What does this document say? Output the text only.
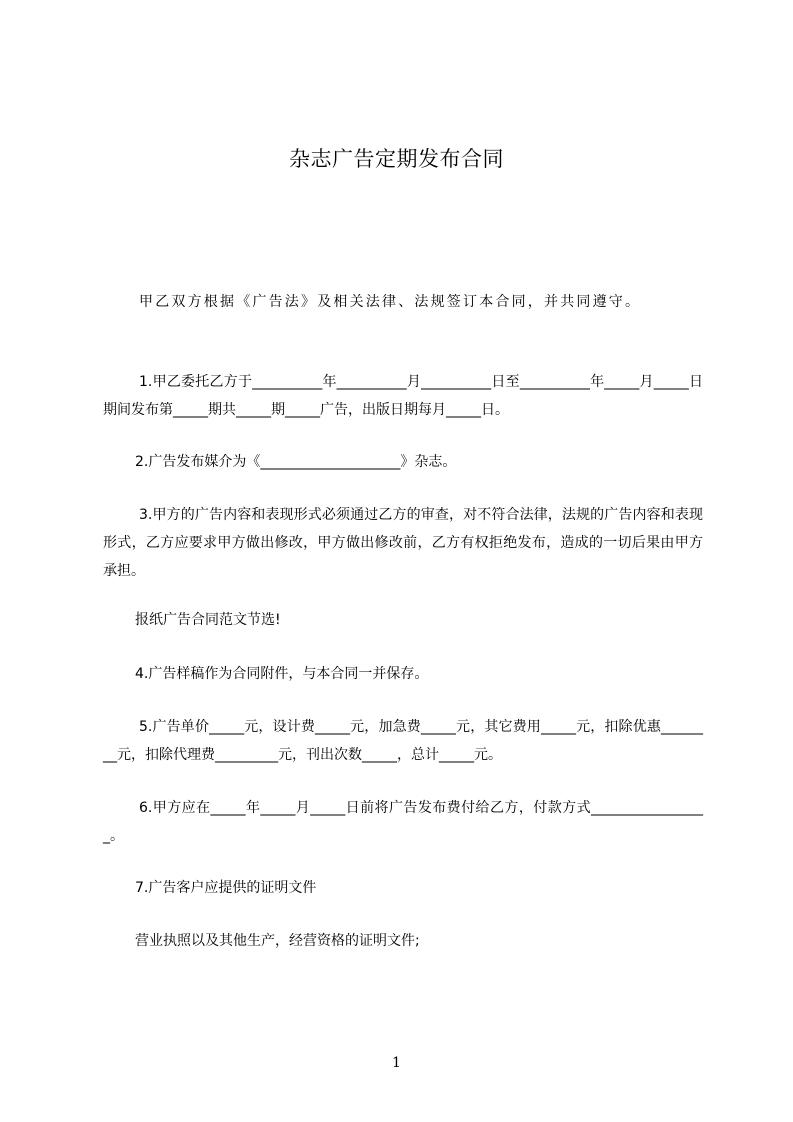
杂志广告定期发布合同
甲乙双方根据《广告法》及相关法律、法规签订本合同，并共同遵守。
1.甲乙委托乙方于__________年__________月__________日至__________年_____月_____日期间发布第_____期共_____期_____广告，出版日期每月_____日。
2.广告发布媒介为《____________________》杂志。
3.甲方的广告内容和表现形式必须通过乙方的审查，对不符合法律，法规的广告内容和表现形式，乙方应要求甲方做出修改，甲方做出修改前，乙方有权拒绝发布，造成的一切后果由甲方承担。
报纸广告合同范文节选!
4.广告样稿作为合同附件，与本合同一并保存。
5.广告单价_____元，设计费_____元，加急费_____元，其它费用_____元，扣除优惠________元，扣除代理费_________元，刊出次数_____，总计_____元。
6.甲方应在_____年_____月_____日前将广告发布费付给乙方，付款方式_________________。
7.广告客户应提供的证明文件
营业执照以及其他生产，经营资格的证明文件;
1
